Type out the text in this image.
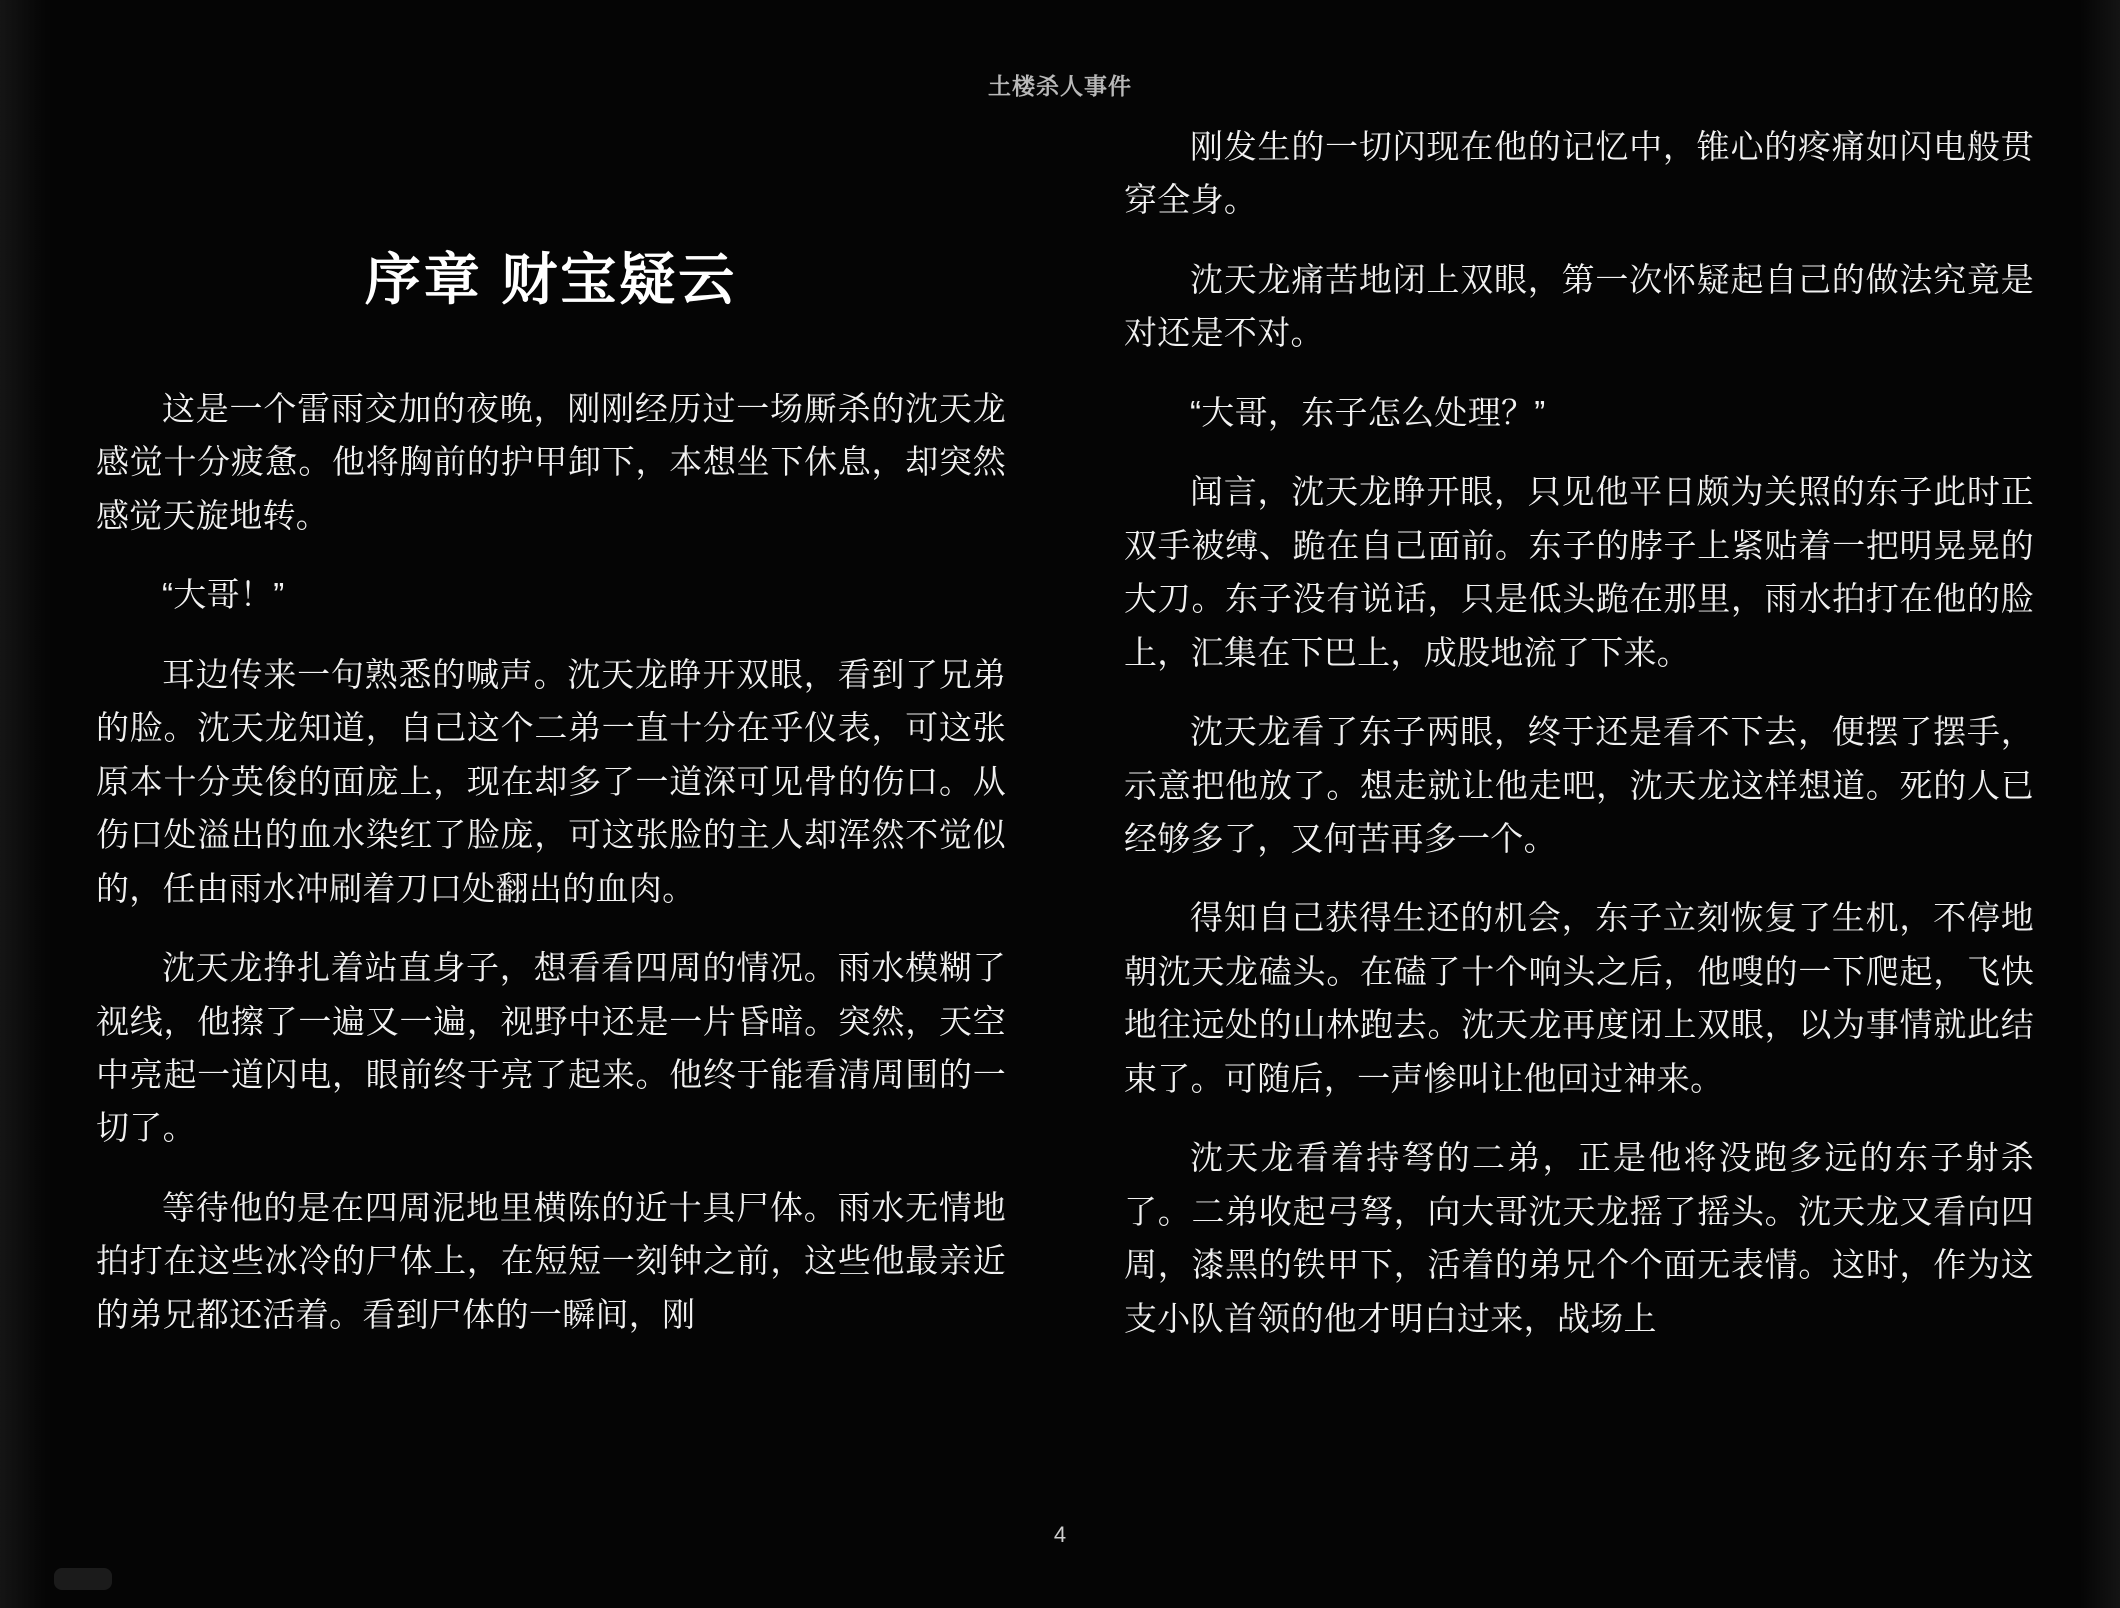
土楼杀人事件
序章 财宝疑云

这是一个雷雨交加的夜晚，刚刚经历过一场厮杀的沈天龙感觉十分疲惫。他将胸前的护甲卸下，本想坐下休息，却突然感觉天旋地转。

“大哥！”

耳边传来一句熟悉的喊声。沈天龙睁开双眼，看到了兄弟的脸。沈天龙知道，自己这个二弟一直十分在乎仪表，可这张原本十分英俊的面庞上，现在却多了一道深可见骨的伤口。从伤口处溢出的血水染红了脸庞，可这张脸的主人却浑然不觉似的，任由雨水冲刷着刀口处翻出的血肉。

沈天龙挣扎着站直身子，想看看四周的情况。雨水模糊了视线，他擦了一遍又一遍，视野中还是一片昏暗。突然，天空中亮起一道闪电，眼前终于亮了起来。他终于能看清周围的一切了。

等待他的是在四周泥地里横陈的近十具尸体。雨水无情地拍打在这些冰冷的尸体上，在短短一刻钟之前，这些他最亲近的弟兄都还活着。看到尸体的一瞬间，刚

刚发生的一切闪现在他的记忆中，锥心的疼痛如闪电般贯穿全身。

沈天龙痛苦地闭上双眼，第一次怀疑起自己的做法究竟是对还是不对。

“大哥，东子怎么处理？”

闻言，沈天龙睁开眼，只见他平日颇为关照的东子此时正双手被缚、跪在自己面前。东子的脖子上紧贴着一把明晃晃的大刀。东子没有说话，只是低头跪在那里，雨水拍打在他的脸上，汇集在下巴上，成股地流了下来。

沈天龙看了东子两眼，终于还是看不下去，便摆了摆手，示意把他放了。想走就让他走吧，沈天龙这样想道。死的人已经够多了，又何苦再多一个。

得知自己获得生还的机会，东子立刻恢复了生机，不停地朝沈天龙磕头。在磕了十个响头之后，他嗖的一下爬起，飞快地往远处的山林跑去。沈天龙再度闭上双眼，以为事情就此结束了。可随后，一声惨叫让他回过神来。

沈天龙看着持弩的二弟，正是他将没跑多远的东子射杀了。二弟收起弓弩，向大哥沈天龙摇了摇头。沈天龙又看向四周，漆黑的铁甲下，活着的弟兄个个面无表情。这时，作为这支小队首领的他才明白过来，战场上

4
